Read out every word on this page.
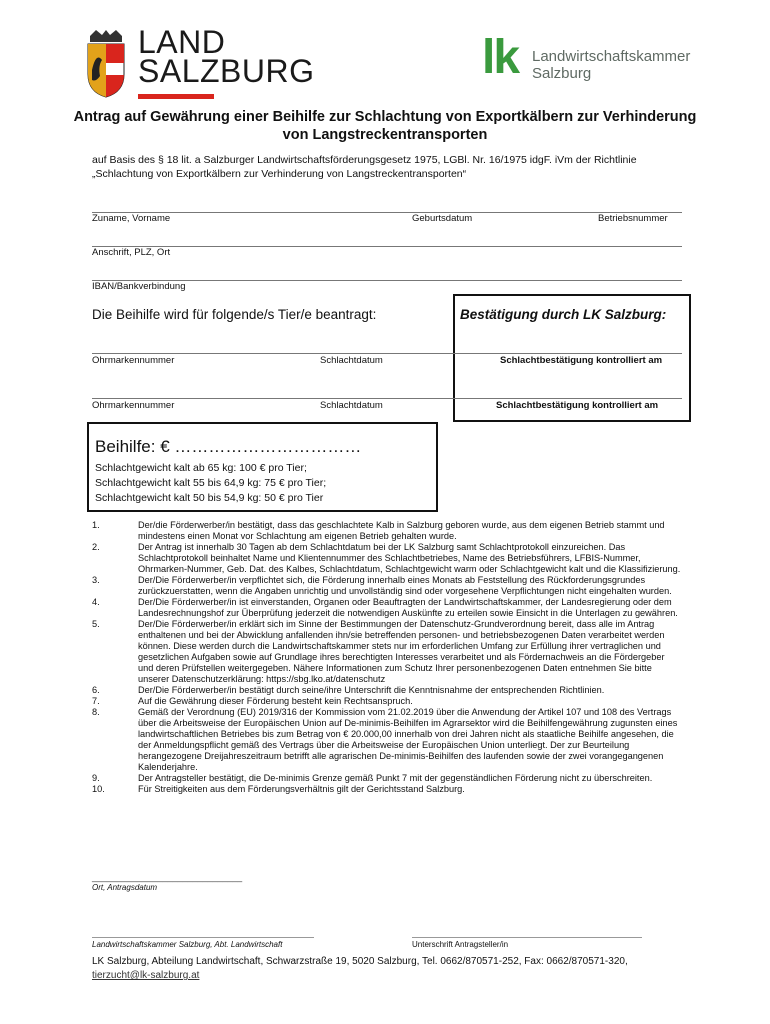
LAND
SALZBURG	lk Landwirtschaftskammer
Salzburg
Antrag auf Gewährung einer Beihilfe zur Schlachtung von Exportkälbern zur Verhinderung von Langstreckentransporten
auf Basis des § 18 lit. a Salzburger Landwirtschaftsförderungsgesetz 1975, LGBl. Nr. 16/1975 idgF. iVm der Richtlinie „Schlachtung von Exportkälbern zur Verhinderung von Langstreckentransporten“
Zuname, Vorname	Geburtsdatum	Betriebsnummer
Anschrift, PLZ, Ort
IBAN/Bankverbindung
Die Beihilfe wird für folgende/s Tier/e beantragt:	Bestätigung durch LK Salzburg:
Ohrmarkennummer	Schlachtdatum	Schlachtbestätigung kontrolliert am
Ohrmarkennummer	Schlachtdatum	Schlachtbestätigung kontrolliert am
Beihilfe: € ……………………………
Schlachtgewicht kalt ab 65 kg: 100 € pro Tier;
Schlachtgewicht kalt 55 bis 64,9 kg: 75 € pro Tier;
Schlachtgewicht kalt 50 bis 54,9 kg: 50 € pro Tier
1.	Der/die Förderwerber/in bestätigt, dass das geschlachtete Kalb in Salzburg geboren wurde, aus dem eigenen Betrieb stammt und mindestens einen Monat vor Schlachtung am eigenen Betrieb gehalten wurde.
2.	Der Antrag ist innerhalb 30 Tagen ab dem Schlachtdatum bei der LK Salzburg samt Schlachtprotokoll einzureichen. Das Schlachtprotokoll beinhaltet Name und Klientennummer des Schlachtbetriebes, Name des Betriebsführers, LFBIS-Nummer, Ohrmarken-Nummer, Geb. Dat. des Kalbes, Schlachtdatum, Schlachtgewicht warm oder Schlachtgewicht kalt und die Klassifizierung.
3.	Der/Die Förderwerber/in verpflichtet sich, die Förderung innerhalb eines Monats ab Feststellung des Rückforderungsgrundes zurückzuerstatten, wenn die Angaben unrichtig und unvollständig sind oder vorgesehene Verpflichtungen nicht eingehalten wurden.
4.	Der/Die Förderwerber/in ist einverstanden, Organen oder Beauftragten der Landwirtschaftskammer, der Landesregierung oder dem Landesrechnungshof zur Überprüfung jederzeit die notwendigen Auskünfte zu erteilen sowie Einsicht in die Unterlagen zu gewähren.
5.	Der/Die Förderwerber/in erklärt sich im Sinne der Bestimmungen der Datenschutz-Grundverordnung bereit, dass alle im Antrag enthaltenen und bei der Abwicklung anfallenden ihn/sie betreffenden personen- und betriebsbezogenen Daten verarbeitet werden können. Diese werden durch die Landwirtschaftskammer stets nur im erforderlichen Umfang zur Erfüllung ihrer vertraglichen und gesetzlichen Aufgaben sowie auf Grundlage ihres berechtigten Interesses verarbeitet und als Fördernachweis an die Fördergeber und deren Prüfstellen weitergegeben. Nähere Informationen zum Schutz Ihrer personenbezogenen Daten entnehmen Sie bitte unserer Datenschutzerklärung: https://sbg.lko.at/datenschutz
6.	Der/Die Förderwerber/in bestätigt durch seine/ihre Unterschrift die Kenntnisnahme der entsprechenden Richtlinien.
7.	Auf die Gewährung dieser Förderung besteht kein Rechtsanspruch.
8.	Gemäß der Verordnung (EU) 2019/316 der Kommission vom 21.02.2019 über die Anwendung der Artikel 107 und 108 des Vertrags über die Arbeitsweise der Europäischen Union auf De-minimis-Beihilfen im Agrarsektor wird die Beihilfengewährung zugunsten eines landwirtschaftlichen Betriebes bis zum Betrag von € 20.000,00 innerhalb von drei Jahren nicht als staatliche Beihilfe angesehen, die der Anmeldungspflicht gemäß des Vertrags über die Arbeitsweise der Europäischen Union unterliegt. Der zur Beurteilung herangezogene Dreijahreszeitraum betrifft alle agrarischen De-minimis-Beihilfen des laufenden sowie der zwei vorangegangenen Kalenderjahre.
9.	Der Antragsteller bestätigt, die De-minimis Grenze gemäß Punkt 7 mit der gegenständlichen Förderung nicht zu überschreiten.
10.	Für Streitigkeiten aus dem Förderungsverhältnis gilt der Gerichtsstand Salzburg.
______________________________
Ort, Antragsdatum
Landwirtschaftskammer Salzburg, Abt. Landwirtschaft	Unterschrift Antragsteller/in
LK Salzburg, Abteilung Landwirtschaft, Schwarzstraße 19, 5020 Salzburg, Tel. 0662/870571-252, Fax: 0662/870571-320,
tierzucht@lk-salzburg.at
